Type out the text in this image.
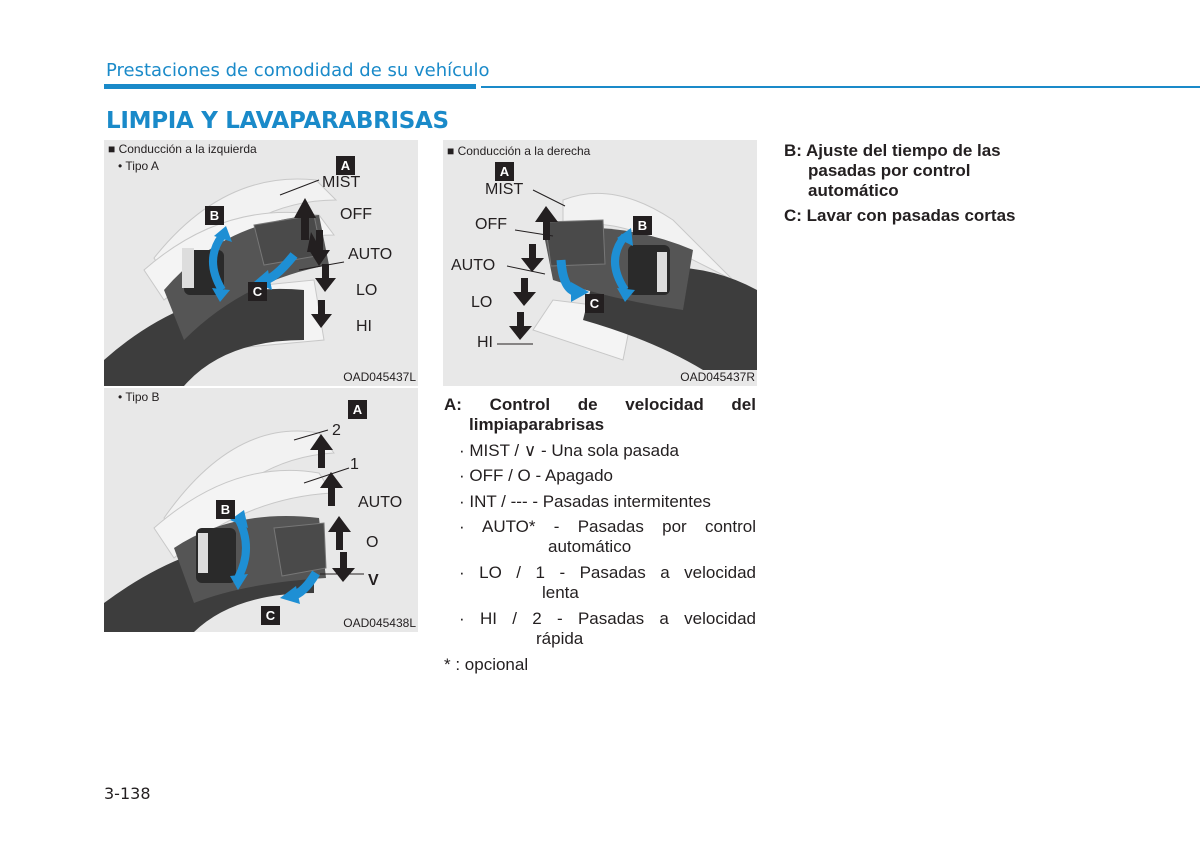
Prestaciones de comodidad de su vehículo
LIMPIA Y LAVAPARABRISAS
■ Conducción a la izquierda
• Tipo A	A
B
C
MIST
OFF
AUTO
LO
HI
OAD045437L
• Tipo B
A
B
C
2
1
AUTO
O
V
OAD045438L
■ Conducción a la derecha
A
B
C
MIST
OFF
AUTO
LO
HI
OAD045437R
A: Control de velocidad del
limpiaparabrisas
· MIST / ∨ - Una sola pasada
· OFF / O - Apagado
· INT / --- - Pasadas intermitentes
· AUTO* - Pasadas por control
automático
· LO / 1 - Pasadas a velocidad
lenta
· HI / 2 - Pasadas a velocidad
rápida
* : opcional
B: Ajuste del tiempo de las
pasadas por control
automático
C: Lavar con pasadas cortas
3-138
